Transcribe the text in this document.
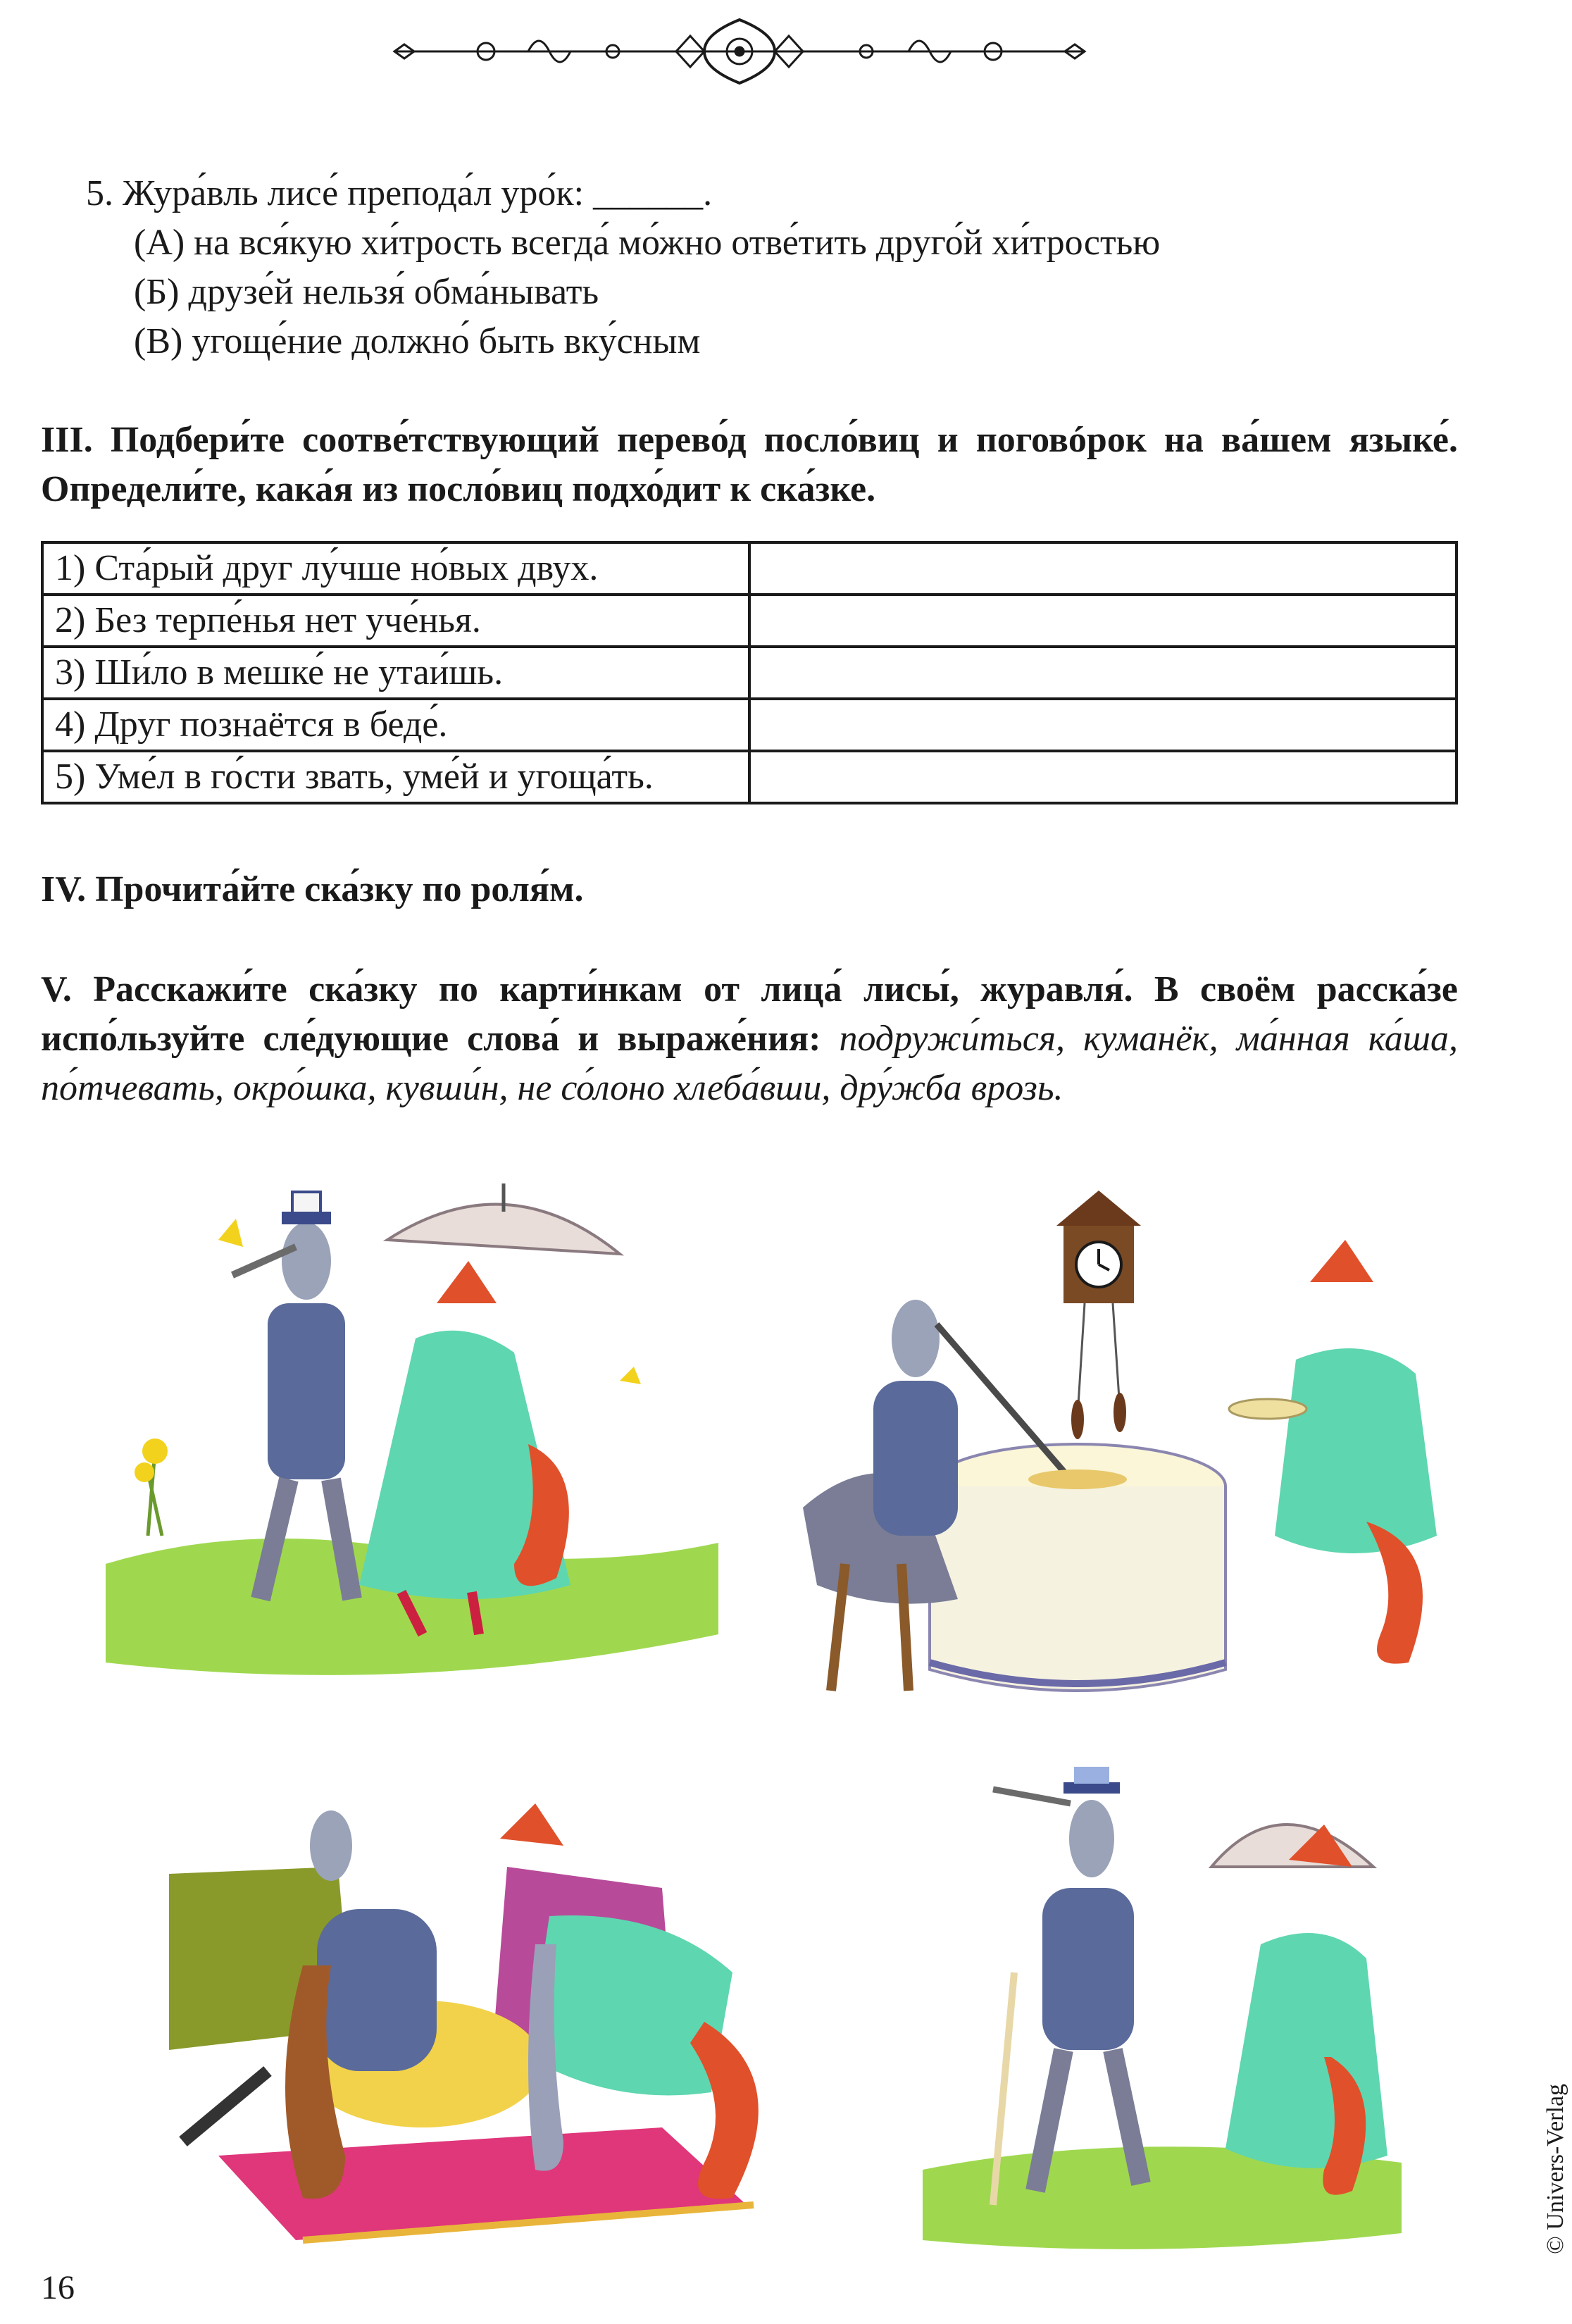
5. Жура́вль лисе́ препода́л уро́к: ______.
(А) на вся́кую хи́трость всегда́ мо́жно отве́тить друго́й хи́тростью
(Б) друзе́й нельзя́ обма́нывать
(В) угоще́ние должно́ быть вку́сным
III. Подбери́те соотве́тствующий перево́д посло́виц и поговóрок на ва́шем языке́. Определи́те, кака́я из посло́виц подхо́дит к ска́зке.
1) Ста́рый друг лу́чше но́вых двух.	
2) Без терпе́нья нет уче́нья.	
3) Ши́ло в мешке́ не утаи́шь.	
4) Друг познаётся в беде́.	
5) Уме́л в го́сти звать, уме́й и угоща́ть.	
IV. Прочита́йте ска́зку по роля́м.
V. Расскажи́те ска́зку по карти́нкам от лица́ лисы́, журавля́. В своём расска́зе испо́льзуйте сле́дующие слова́ и выраже́ния: подружи́ться, куманёк, ма́нная ка́ша, по́тчевать, окро́шка, кувши́н, не со́лоно хлеба́вши, дру́жба врозь.
16
© Univers-Verlag
